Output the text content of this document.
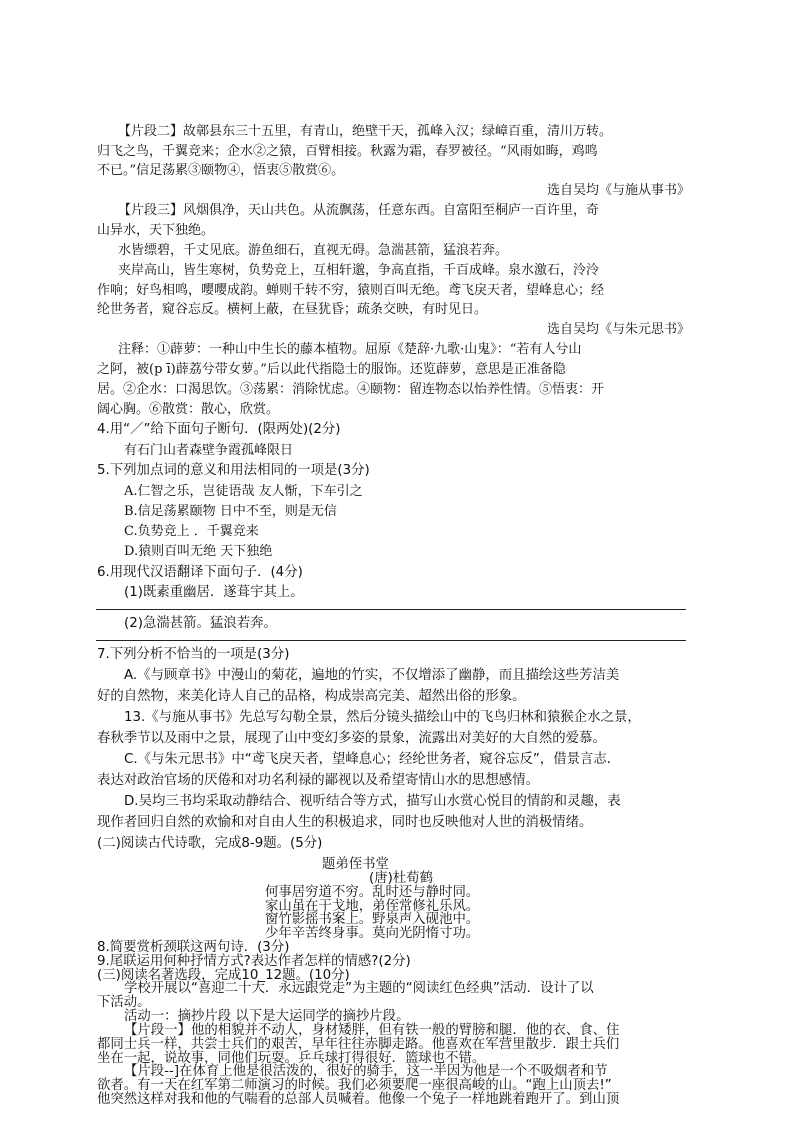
【片段二】故鄣县东三十五里，有青山，绝壁干天，孤峰入汉；绿嶂百重，清川万转。
归飞之鸟，千翼竞来；企水②之猿，百臂相接。秋露为霜，春罗被径。“风雨如晦，鸡鸣
不已。”信足荡累③颐物④，悟衷⑤散赏⑥。
选自吴均《与施从事书》
【片段三】风烟俱净，天山共色。从流飘荡，任意东西。自富阳至桐庐一百许里，奇
山异水，天下独绝。
水皆缥碧，千丈见底。游鱼细石，直视无碍。急湍甚箭，猛浪若奔。
夹岸高山，皆生寒树，负势竞上，互相轩邈，争高直指，千百成峰。泉水激石，泠泠
作响；好鸟相鸣，嘤嘤成韵。蝉则千转不穷，猿则百叫无绝。鸢飞戾天者，望峰息心；经
纶世务者，窥谷忘反。横柯上蔽，在昼犹昏；疏条交映，有时见日。
选自吴均《与朱元思书》
注释：①薜萝：一种山中生长的藤本植物。屈原《楚辞·九歌·山鬼》：“若有人兮山
之阿，被(p ī)薜荔兮带女萝。”后以此代指隐士的服饰。还览薜萝，意思是正准备隐
居。②企水：口渴思饮。③荡累：消除忧虑。④颐物：留连物态以怡养性情。⑤悟衷：开
阔心胸。⑥散赏：散心，欣赏。
4.用“／”给下面句子断句．(限两处)(2分)
有石门山者森壁争霞孤峰限日
5.下列加点词的意义和用法相同的一项是(3分)
A.仁智之乐，岂徒语哉 友人惭，下车引之
B.信足荡累颐物 日中不至，则是无信
C.负势竞上 ．千翼竞来
D.猿则百叫无绝 天下独绝
6.用现代汉语翻译下面句子．(4分)
(1)既素重幽居．遂葺宇其上。
(2)急湍甚箭。猛浪若奔。
7.下列分析不恰当的一项是(3分)
A.《与顾章书》中漫山的菊花，遍地的竹实，不仅增添了幽静，而且描绘这些芳洁美
好的自然物，来美化诗人自己的品格，构成崇高完美、超然出俗的形象。
13.《与施从事书》先总写勾勒全景，然后分镜头描绘山中的飞鸟归林和猿猴企水之景，
春秋季节以及雨中之景，展现了山中变幻多姿的景象，流露出对美好的大自然的爱慕。
C.《与朱元思书》中“鸢飞戾天者，望峰息心；经纶世务者，窥谷忘反”，借景言志．
表达对政治官场的厌倦和对功名利禄的鄙视以及希望寄情山水的思想感情。
D.吴均三书均采取动静结合、视听结合等方式，描写山水赏心悦目的情韵和灵趣，表
现作者回归自然的欢愉和对自由人生的积极追求，同时也反映他对人世的消极情绪。
(二)阅读古代诗歌，完成8-9题。(5分)
题弟侄书堂
(唐)杜荀鹤
何事居穷道不穷。乱时还与静时同。
家山虽在干戈地，弟侄常修礼乐风。
窗竹影摇书案上。野泉声入砚池中。
少年辛苦终身事。莫向光阴惰寸功。
8.简要赏析颈联这两句诗．(3分)
9.尾联运用何种抒情方式?表达作者怎样的情感?(2分)
(三)阅读名著选段，完成10_12题。(10分)
学校开展以“喜迎二十大．永远跟党走”为主题的“阅读红色经典”活动．设计了以
下活动。
活动一：摘抄片段 以下是大运同学的摘抄片段。
【片段一】他的相貌并不动人，身材矮胖，但有铁一般的臂膀和腿．他的衣、食、住
都同士兵一样，共尝士兵们的艰苦，早年往往赤脚走路。他喜欢在军营里散步．跟士兵们
坐在一起，说故事，同他们玩耍。乒乓球打得很好．篮球也不错。
【片段--]在体育上他是很活泼的，很好的骑手，这一半因为他是一个不吸烟者和节
欲者。有一天在红军第二师演习的时候。我们必须要爬一座很高峻的山。“跑上山顶去!”
他突然这样对我和他的气喘看的总部人员喊着。他像一个兔子一样地跳着跑开了。到山顶
